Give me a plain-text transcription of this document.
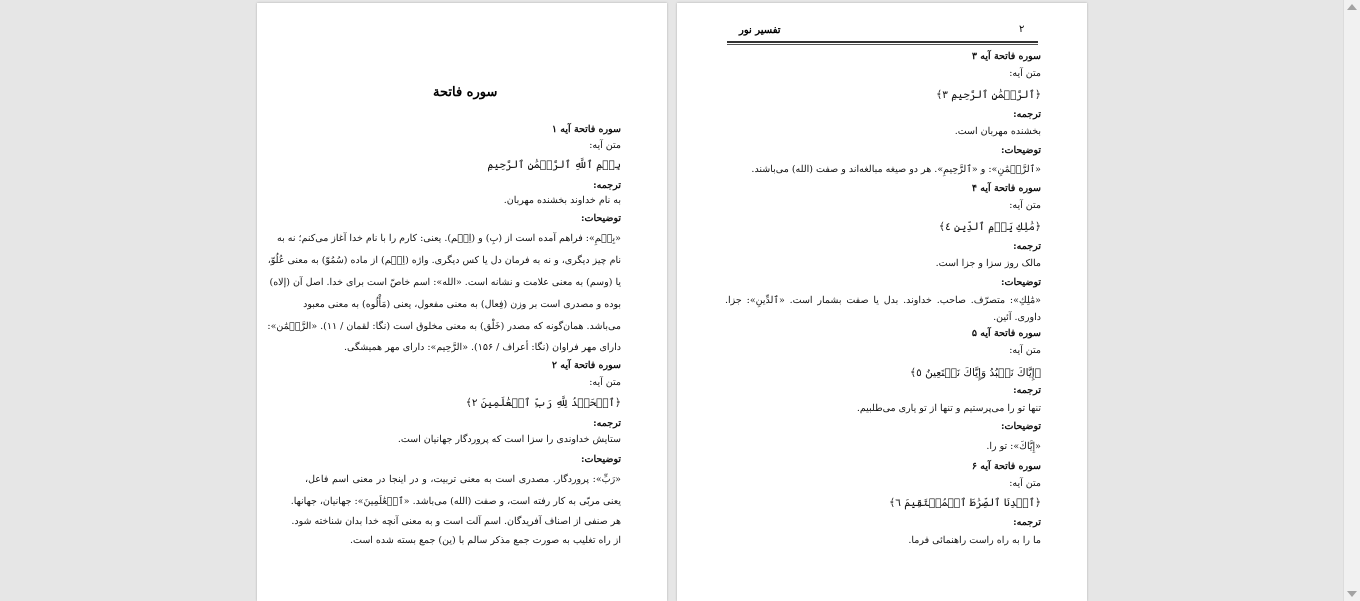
سوره فاتحة
سوره فاتحة آیه ۱
متن آیه:
بِسۡمِ ٱللَّهِ ٱلرَّحۡمَٰنِ ٱلرَّحِیمِ
ترجمه:
به نام خداوند بخشنده مهربان.
توضیحات:
«بِسۡمِ»: فراهم آمده است از (بِ) و (اِسۡم). یعنی: کارم را با نام خدا آغاز می‌کنم؛ نه به
نام چیز دیگری، و نه به فرمان دل یا کس دیگری. واژه (اِسۡم) از ماده (سُمُوّ) به معنی عُلُوّ،
یا (وسم) به معنی علامت و نشانه است. «الله»: اسم خاصّ است برای خدا. اصل آن (إلاه)
بوده و مصدری است بر وزن (فِعال) به معنی مفعول، یعنی (مَأْلُوه) به معنی معبود
می‌باشد. همان‌گونه که مصدر (خَلْق) به معنی مخلوق است (نگا: لقمان / ۱۱). «الرَّحۡمَٰن»:
دارای مهر فراوان (نگا: أعراف / ۱۵۶). «الرَّحِیم»: دارای مهر همیشگی.
سوره فاتحة آیه ۲
متن آیه:
﴿ٱلۡحَمۡدُ لِلَّهِ رَبِّ ٱلۡعَٰلَمِینَ ٢﴾
ترجمه:
ستایش خداوندی را سزا است که پروردگار جهانیان است.
توضیحات:
«رَبِّ»: پروردگار. مصدری است به معنی تربیت، و در اینجا در معنی اسم فاعل،
یعنی مربّی به کار رفته است، و صفت (الله) می‌باشد. «ٱلۡعَٰلَمِینَ»: جهانیان، جهانها.
هر صنفی از اصناف آفریدگان. اسم آلت است و به معنی آنچه خدا بدان شناخته شود.
از راه تغلیب به صورت جمع مذکر سالم با (ین) جمع بسته شده است.
تفسیر نور	۲
سوره فاتحة آیه ۳
متن آیه:
﴿ٱلرَّحۡمَٰنِ ٱلرَّحِیمِ ٣﴾
ترجمه:
بخشنده مهربان است.
توضیحات:
«ٱلرَّحۡمَٰنِ»: و «ٱلرَّحِیمِ». هر دو صیغه مبالغه‌اند و صفت (الله) می‌باشند.
سوره فاتحة آیه ۴
متن آیه:
﴿مَٰلِكِ یَوۡمِ ٱلدِّینِ ٤﴾
ترجمه:
مالک روز سزا و جزا است.
توضیحات:
«مَٰلِكِ»: متصرّف. صاحب. خداوند. بدل یا صفت بشمار است. «ٱلدِّینِ»: جزا.
داوری. آئین.
سوره فاتحة آیه ۵
متن آیه:
﴿إِیَّاكَ نَعۡبُدُ وَإِیَّاكَ نَسۡتَعِینُ ٥﴾
ترجمه:
تنها تو را می‌پرستیم و تنها از تو یاری می‌طلبیم.
توضیحات:
«إِیَّاكَ»: تو را.
سوره فاتحة آیه ۶
متن آیه:
﴿ٱهۡدِنَا ٱلصِّرَٰطَ ٱلۡمُسۡتَقِیمَ ٦﴾
ترجمه:
ما را به راه راست راهنمائی فرما.
